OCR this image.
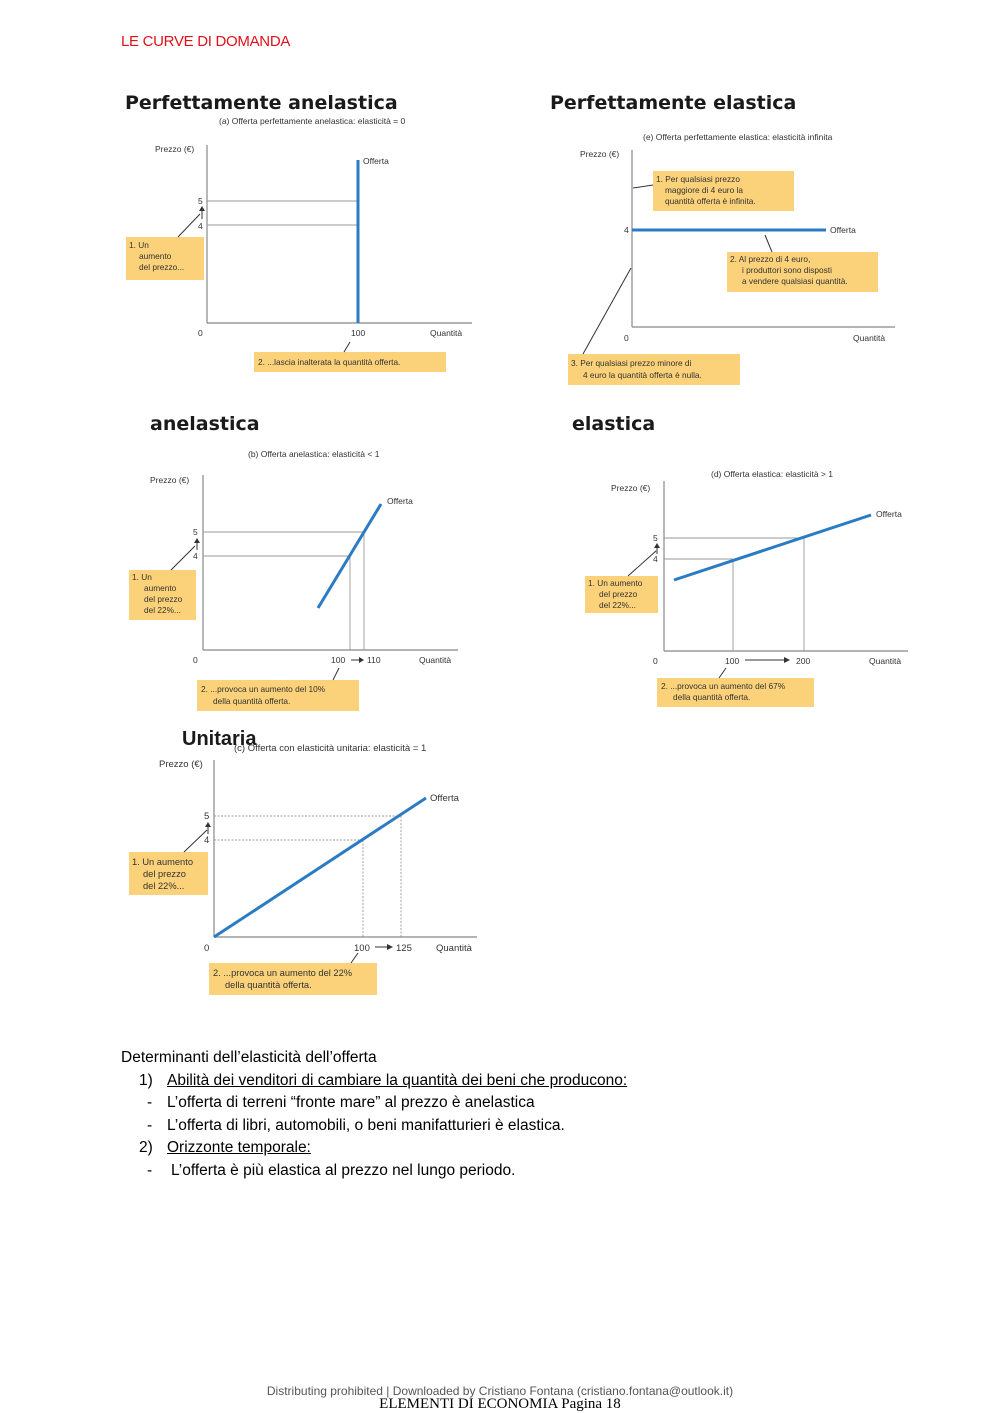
LE CURVE DI DOMANDA
Perfettamente anelastica	Perfettamente elastica
anelastica	elastica
Unitaria
(a) Offerta perfettamente anelastica: elasticità = 0
Prezzo (€)
Quantità
0
5
4
Offerta
100
1. Un
aumento
del prezzo...
2. ...lascia inalterata la quantità offerta.
(e) Offerta perfettamente elastica: elasticità infinita
Prezzo (€)
Quantità
0
4	Offerta
1. Per qualsiasi prezzo
maggiore di 4 euro la
quantità offerta è infinita.
2. Al prezzo di 4 euro,
i produttori sono disposti
a vendere qualsiasi quantità.
3. Per qualsiasi prezzo minore di
4 euro la quantità offerta è nulla.
(b) Offerta anelastica: elasticità < 1
Prezzo (€)
Quantità
0
5
4
Offerta
100	110
1. Un
aumento
del prezzo
del 22%...
2. ...provoca un aumento del 10%
della quantità offerta.
(d) Offerta elastica: elasticità > 1
Prezzo (€)
Quantità
0
5
4
Offerta
100	200
1. Un aumento
del prezzo
del 22%...
2. ...provoca un aumento del 67%
della quantità offerta.
(c) Offerta con elasticità unitaria: elasticità = 1
Prezzo (€)
Quantità
0
5
4
Offerta
100	125
1. Un aumento
del prezzo
del 22%...
2. ...provoca un aumento del 22%
della quantità offerta.
Determinanti dell’elasticità dell’offerta
1) Abilità dei venditori di cambiare la quantità dei beni che producono:
- L’offerta di terreni “fronte mare” al prezzo è anelastica
- L’offerta di libri, automobili, o beni manifatturieri è elastica.
2) Orizzonte temporale:
- L’offerta è più elastica al prezzo nel lungo periodo.
Distributing prohibited | Downloaded by Cristiano Fontana (cristiano.fontana@outlook.it)
ELEMENTI DI ECONOMIA Pagina 18
